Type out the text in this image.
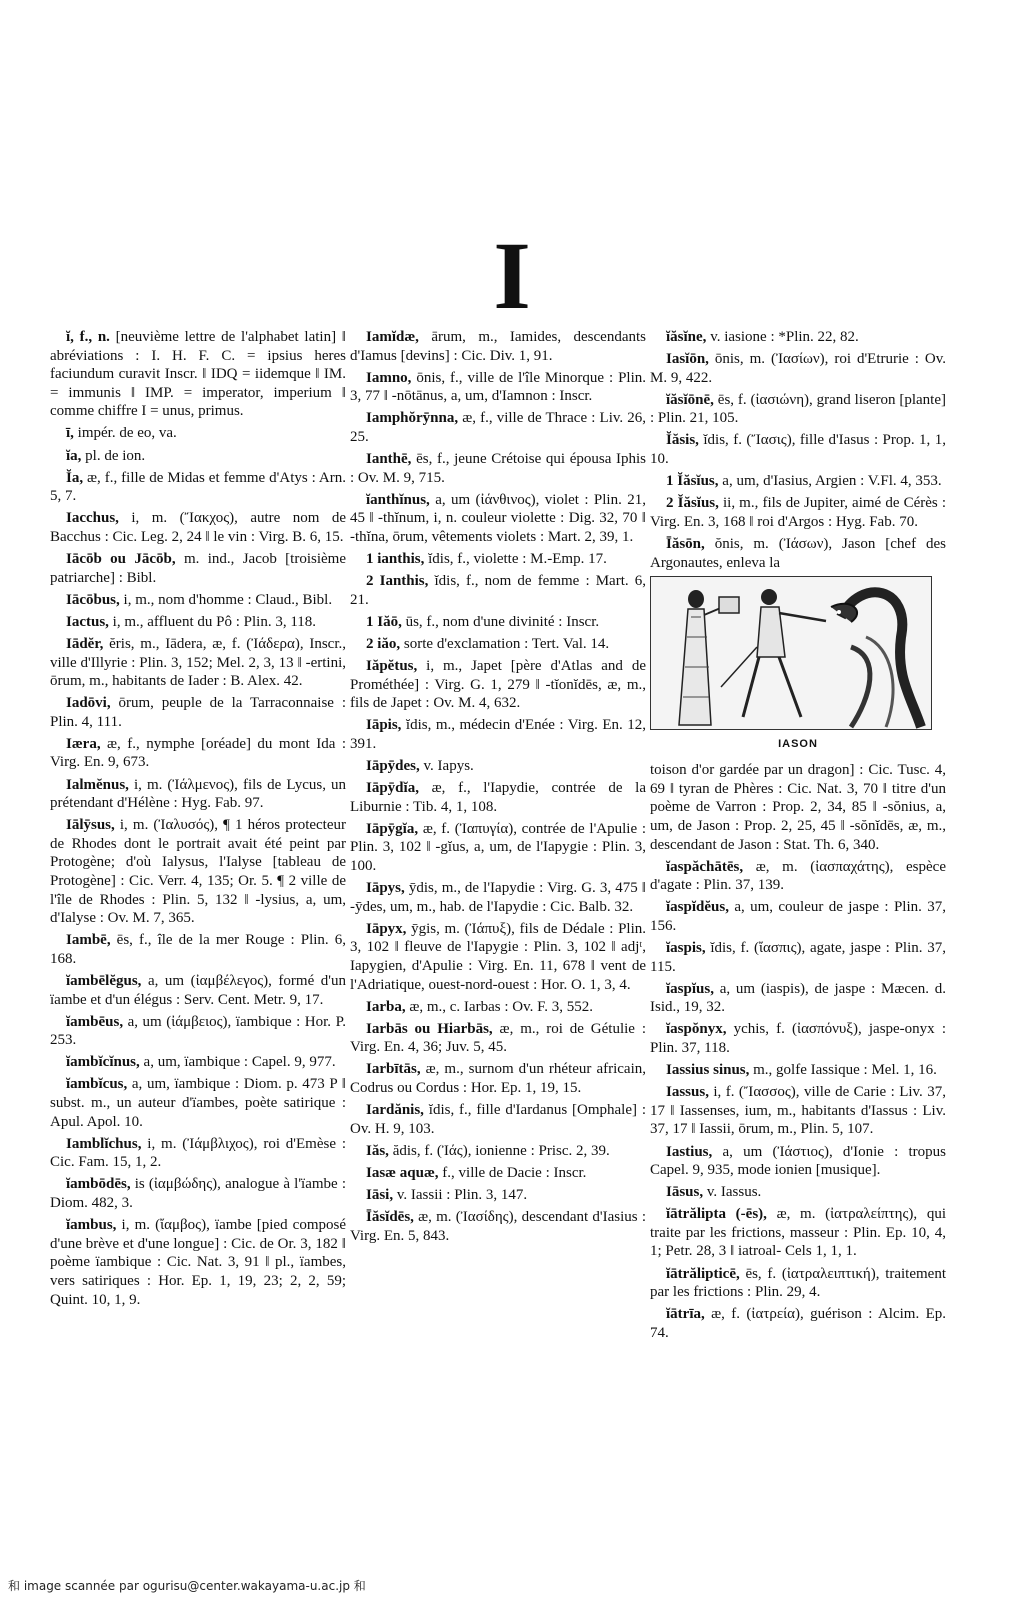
I

ĭ, f., n. [neuvième lettre de l'alphabet latin] ‖ abréviations : I. H. F. C. = ipsius heres faciundum curavit Inscr. ‖ IDQ = iidemque ‖ IM. = immunis ‖ IMP. = imperator, imperium ‖ comme chiffre I = unus, primus.

ī, impér. de eo, va.

ĭa, pl. de ion.

Ĭa, æ, f., fille de Midas et femme d'Atys : Arn. 5, 7.

Iacchus, i, m. (Ἴακχος), autre nom de Bacchus : Cic. Leg. 2, 24 ‖ le vin : Virg. B. 6, 15.

Iācōb ou Jācōb, m. ind., Jacob [troisième patriarche] : Bibl.

Iācōbus, i, m., nom d'homme : Claud., Bibl.

Iactus, i, m., affluent du Pô : Plin. 3, 118.

Iādĕr, ĕris, m., Iādera, æ, f. (Ἰάδερα), Inscr., ville d'Illyrie : Plin. 3, 152; Mel. 2, 3, 13 ‖ -ertini, ōrum, m., habitants de Iader : B. Alex. 42.

Iadōvi, ōrum, peuple de la Tarraconnaise : Plin. 4, 111.

Iæra, æ, f., nymphe [oréade] du mont Ida : Virg. En. 9, 673.

Ialmĕnus, i, m. (Ἰάλμενος), fils de Lycus, un prétendant d'Hélène : Hyg. Fab. 97.

Iālȳsus, i, m. (Ἰαλυσός), ¶ 1 héros protecteur de Rhodes dont le portrait avait été peint par Protogène; d'où Ialysus, l'Ialyse [tableau de Protogène] : Cic. Verr. 4, 135; Or. 5. ¶ 2 ville de l'île de Rhodes : Plin. 5, 132 ‖ -lysius, a, um, d'Ialyse : Ov. M. 7, 365.

Iambē, ēs, f., île de la mer Rouge : Plin. 6, 168.

ĭambēlĕgus, a, um (ἰαμβέλεγος), formé d'un ïambe et d'un élégus : Serv. Cent. Metr. 9, 17.

ĭambēus, a, um (ἰάμβειος), ïambique : Hor. P. 253.

ĭambĭcĭnus, a, um, ïambique : Capel. 9, 977.

ĭambĭcus, a, um, ïambique : Diom. p. 473 P ‖ subst. m., un auteur d'ïambes, poète satirique : Apul. Apol. 10.

Iamblĭchus, i, m. (Ἰάμβλιχος), roi d'Emèse : Cic. Fam. 15, 1, 2.

ĭambōdēs, is (ἰαμβώδης), analogue à l'ïambe : Diom. 482, 3.

ĭambus, i, m. (ἴαμβος), ïambe [pied composé d'une brève et d'une longue] : Cic. de Or. 3, 182 ‖ poème ïambique : Cic. Nat. 3, 91 ‖ pl., ïambes, vers satiriques : Hor. Ep. 1, 19, 23; 2, 2, 59; Quint. 10, 1, 9.

Iamĭdæ, ārum, m., Iamides, descendants d'Iamus [devins] : Cic. Div. 1, 91.

Iamno, ōnis, f., ville de l'île Minorque : Plin. 3, 77 ‖ -nōtānus, a, um, d'Iamnon : Inscr.

Iamphŏrȳnna, æ, f., ville de Thrace : Liv. 26, 25.

Ianthē, ēs, f., jeune Crétoise qui épousa Iphis : Ov. M. 9, 715.

ĭanthĭnus, a, um (ἰάνθινος), violet : Plin. 21, 45 ‖ -thĭnum, i, n. couleur violette : Dig. 32, 70 ‖ -thĭna, ōrum, vêtements violets : Mart. 2, 39, 1.

1 ianthis, ĭdis, f., violette : M.-Emp. 17.

2 Ianthis, ĭdis, f., nom de femme : Mart. 6, 21.

1 Iăō, ūs, f., nom d'une divinité : Inscr.

2 iăo, sorte d'exclamation : Tert. Val. 14.

Iăpĕtus, i, m., Japet [père d'Atlas and de Prométhée] : Virg. G. 1, 279 ‖ -tĭonĭdēs, æ, m., fils de Japet : Ov. M. 4, 632.

Iāpis, ĭdis, m., médecin d'Enée : Virg. En. 12, 391.

Iāpȳdes, v. Iapys.

Iāpȳdĭa, æ, f., l'Iapydie, contrée de la Liburnie : Tib. 4, 1, 108.

Iāpȳgĭa, æ, f. (Ἰαπυγία), contrée de l'Apulie : Plin. 3, 102 ‖ -gĭus, a, um, de l'Iapygie : Plin. 3, 100.

Iāpys, ȳdis, m., de l'Iapydie : Virg. G. 3, 475 ‖ -ȳdes, um, m., hab. de l'Iapydie : Cic. Balb. 32.

Iāpyx, ȳgis, m. (Ἰάπυξ), fils de Dédale : Plin. 3, 102 ‖ fleuve de l'Iapygie : Plin. 3, 102 ‖ adjᵗ, Iapygien, d'Apulie : Virg. En. 11, 678 ‖ vent de l'Adriatique, ouest-nord-ouest : Hor. O. 1, 3, 4.

Iarba, æ, m., c. Iarbas : Ov. F. 3, 552.

Iarbās ou Hiarbās, æ, m., roi de Gétulie : Virg. En. 4, 36; Juv. 5, 45.

Iarbītās, æ, m., surnom d'un rhéteur africain, Codrus ou Cordus : Hor. Ep. 1, 19, 15.

Iardănis, ĭdis, f., fille d'Iardanus [Omphale] : Ov. H. 9, 103.

Iăs, ădis, f. (Ἰάς), ionienne : Prisc. 2, 39.

Iasæ aquæ, f., ville de Dacie : Inscr.

Iāsi, v. Iassii : Plin. 3, 147.

Īăsĭdēs, æ, m. (Ἰασίδης), descendant d'Iasius : Virg. En. 5, 843.

ĭăsĭne, v. iasione : *Plin. 22, 82.

Iasĭōn, ōnis, m. (Ἰασίων), roi d'Etrurie : Ov. M. 9, 422.

ĭăsĭōnē, ēs, f. (ἰασιώνη), grand liseron [plante] : Plin. 21, 105.

Ĭăsis, ĭdis, f. (Ἴασις), fille d'Iasus : Prop. 1, 1, 10.

1 Ĭăsĭus, a, um, d'Iasius, Argien : V.Fl. 4, 353.

2 Ĭăsĭus, ii, m., fils de Jupiter, aimé de Cérès : Virg. En. 3, 168 ‖ roi d'Argos : Hyg. Fab. 70.

Īăsōn, ŏnis, m. (Ἰάσων), Jason [chef des Argonautes, enleva la

IASON

toison d'or gardée par un dragon] : Cic. Tusc. 4, 69 ‖ tyran de Phères : Cic. Nat. 3, 70 ‖ titre d'un poème de Varron : Prop. 2, 34, 85 ‖ -sŏnius, a, um, de Jason : Prop. 2, 25, 45 ‖ -sŏnĭdēs, æ, m., descendant de Jason : Stat. Th. 6, 340.

ĭaspăchātēs, æ, m. (ἰασπαχάτης), espèce d'agate : Plin. 37, 139.

ĭaspĭdĕus, a, um, couleur de jaspe : Plin. 37, 156.

ĭaspis, ĭdis, f. (ἴασπις), agate, jaspe : Plin. 37, 115.

ĭaspĭus, a, um (iaspis), de jaspe : Mæcen. d. Isid., 19, 32.

ĭaspŏnyx, ychis, f. (ἰασπόνυξ), jaspe-onyx : Plin. 37, 118.

Iassius sinus, m., golfe Iassique : Mel. 1, 16.

Iassus, i, f. (Ἴασσος), ville de Carie : Liv. 37, 17 ‖ Iassenses, ium, m., habitants d'Iassus : Liv. 37, 17 ‖ Iassii, ōrum, m., Plin. 5, 107.

Iastius, a, um (Ἰάστιος), d'Ionie : tropus Capel. 9, 935, mode ionien [musique].

Iāsus, v. Iassus.

ĭātrălipta (-ēs), æ, m. (ἰατραλείπτης), qui traite par les frictions, masseur : Plin. Ep. 10, 4, 1; Petr. 28, 3 ‖ iatroal- Cels 1, 1, 1.

ĭātrălipticē, ēs, f. (ἰατραλειπτική), traitement par les frictions : Plin. 29, 4.

ĭātrīa, æ, f. (ἰατρεία), guérison : Alcim. Ep. 74.

和 image scannée par ogurisu@center.wakayama-u.ac.jp 和
